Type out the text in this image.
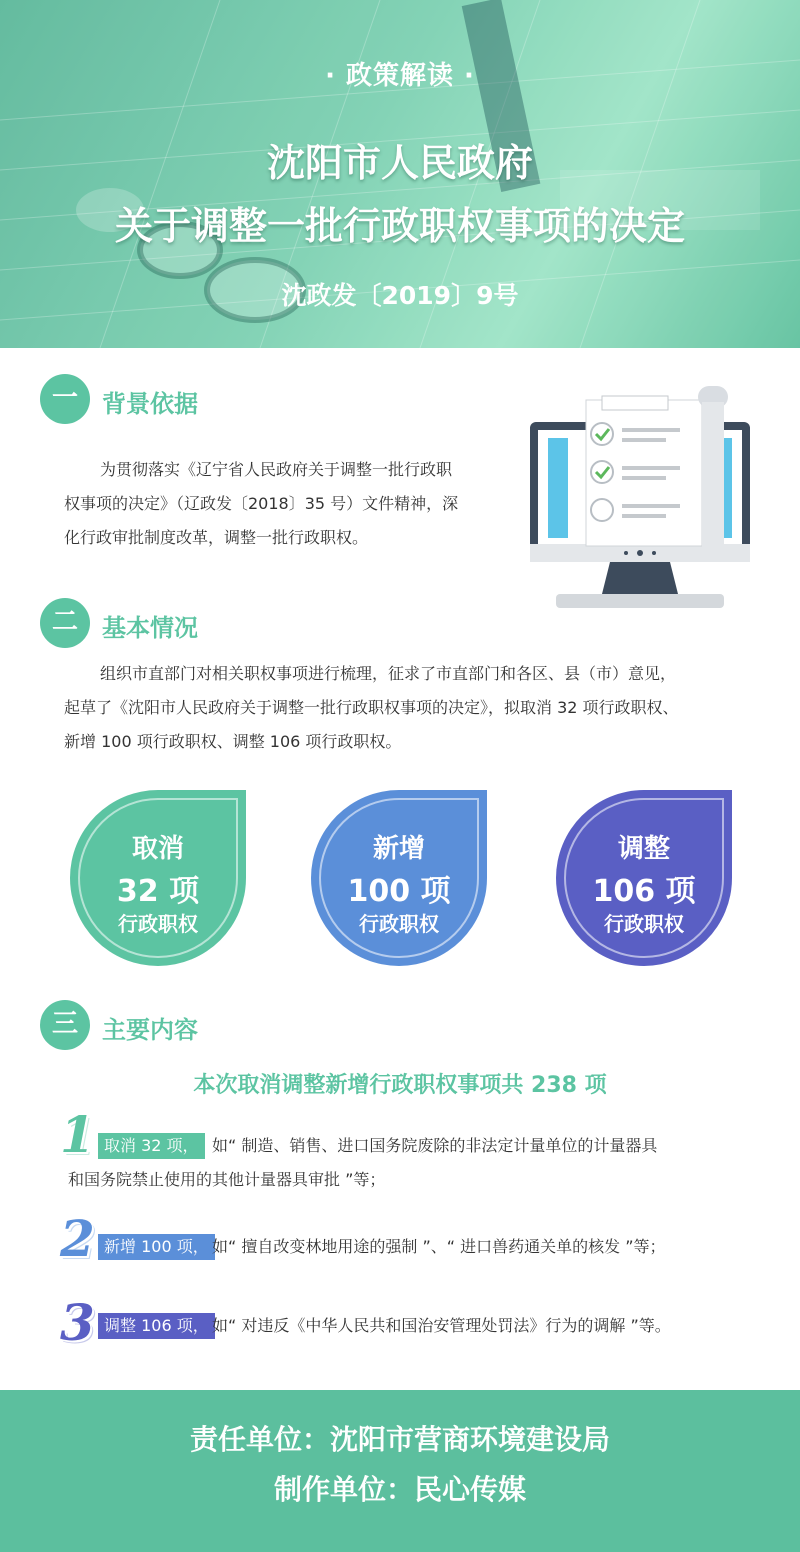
· 政策解读 ·
沈阳市人民政府
关于调整一批行政职权事项的决定
沈政发〔2019〕9号
一	背景依据
为贯彻落实《辽宁省人民政府关于调整一批行政职
权事项的决定》（辽政发〔2018〕35 号）文件精神，深
化行政审批制度改革，调整一批行政职权。
二	基本情况
组织市直部门对相关职权事项进行梳理，征求了市直部门和各区、县（市）意见，
起草了《沈阳市人民政府关于调整一批行政职权事项的决定》，拟取消 32 项行政职权、
新增 100 项行政职权、调整 106 项行政职权。
取消
32 项
行政职权
新增
100 项
行政职权
调整
106 项
行政职权
三	主要内容
本次取消调整新增行政职权事项共 238 项
1 取消 32 项， 如“ 制造、销售、进口国务院废除的非法定计量单位的计量器具
和国务院禁止使用的其他计量器具审批 ”等；
2 新增 100 项， 如“ 擅自改变林地用途的强制 ”、“ 进口兽药通关单的核发 ”等；
3 调整 106 项， 如“ 对违反《中华人民共和国治安管理处罚法》行为的调解 ”等。
责任单位：沈阳市营商环境建设局
制作单位：民心传媒
